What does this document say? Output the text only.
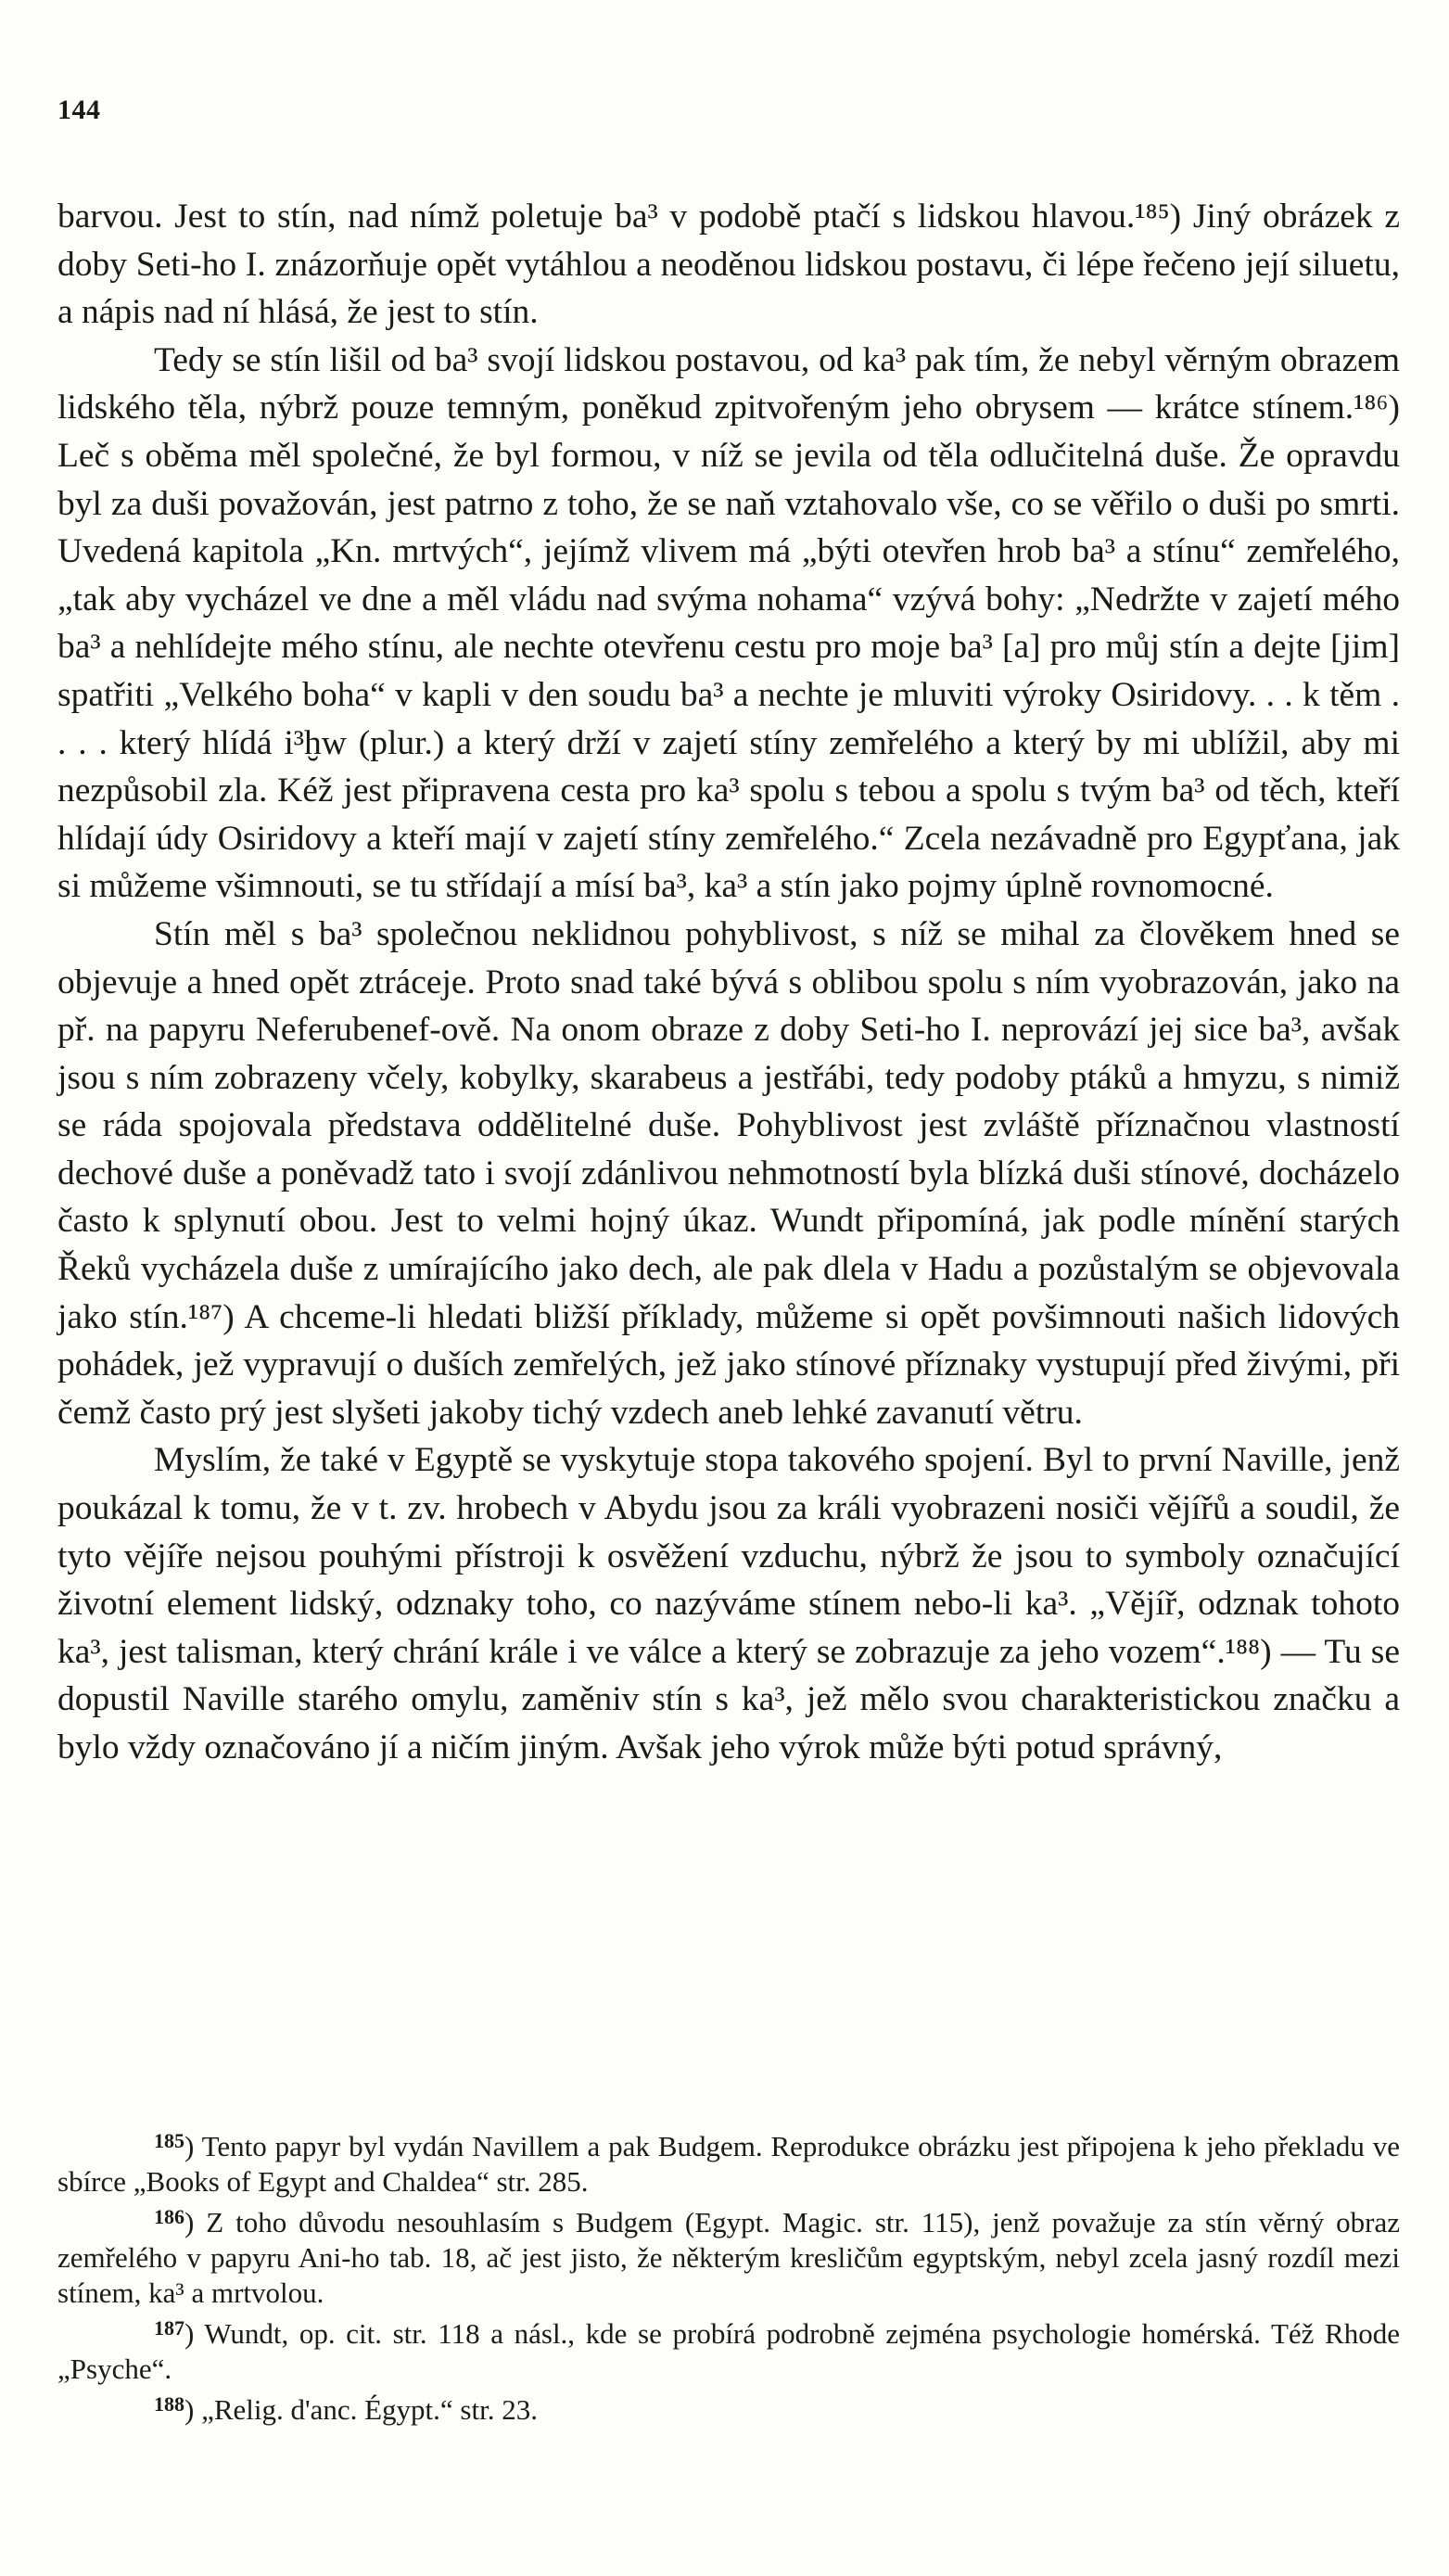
144

barvou. Jest to stín, nad nímž poletuje ba³ v podobě ptačí s lidskou hlavou.¹⁸⁵) Jiný obrázek z doby Seti-ho I. znázorňuje opět vytáhlou a neoděnou lidskou postavu, či lépe řečeno její siluetu, a nápis nad ní hlásá, že jest to stín.

Tedy se stín lišil od ba³ svojí lidskou postavou, od ka³ pak tím, že nebyl věrným obrazem lidského těla, nýbrž pouze temným, poněkud zpitvořeným jeho obrysem — krátce stínem.¹⁸⁶) Leč s oběma měl společné, že byl formou, v níž se jevila od těla odlučitelná duše. Že opravdu byl za duši považován, jest patrno z toho, že se naň vztahovalo vše, co se věřilo o duši po smrti. Uvedená kapitola „Kn. mrtvých“, jejímž vlivem má „býti otevřen hrob ba³ a stínu“ zemřelého, „tak aby vycházel ve dne a měl vládu nad svýma nohama“ vzývá bohy: „Nedržte v zajetí mého ba³ a nehlídejte mého stínu, ale nechte otevřenu cestu pro moje ba³ [a] pro můj stín a dejte [jim] spatřiti „Velkého boha“ v kapli v den soudu ba³ a nechte je mluviti výroky Osiridovy. . . k těm . . . . který hlídá i³ḫw (plur.) a který drží v zajetí stíny zemřelého a který by mi ublížil, aby mi nezpůsobil zla. Kéž jest připravena cesta pro ka³ spolu s tebou a spolu s tvým ba³ od těch, kteří hlídají údy Osiridovy a kteří mají v zajetí stíny zemřelého.“ Zcela nezávadně pro Egypťana, jak si můžeme všimnouti, se tu střídají a mísí ba³, ka³ a stín jako pojmy úplně rovnomocné.

Stín měl s ba³ společnou neklidnou pohyblivost, s níž se mihal za člověkem hned se objevuje a hned opět ztráceje. Proto snad také bývá s oblibou spolu s ním vyobrazován, jako na př. na papyru Neferubenef-ově. Na onom obraze z doby Seti-ho I. neprovází jej sice ba³, avšak jsou s ním zobrazeny včely, kobylky, skarabeus a jestřábi, tedy podoby ptáků a hmyzu, s nimiž se ráda spojovala představa oddělitelné duše. Pohyblivost jest zvláště příznačnou vlastností dechové duše a poněvadž tato i svojí zdánlivou nehmotností byla blízká duši stínové, docházelo často k splynutí obou. Jest to velmi hojný úkaz. Wundt připomíná, jak podle mínění starých Řeků vycházela duše z umírajícího jako dech, ale pak dlela v Hadu a pozůstalým se objevovala jako stín.¹⁸⁷) A chceme-li hledati bližší příklady, můžeme si opět povšimnouti našich lidových pohádek, jež vypravují o duších zemřelých, jež jako stínové příznaky vystupují před živými, při čemž často prý jest slyšeti jakoby tichý vzdech aneb lehké zavanutí větru.

Myslím, že také v Egyptě se vyskytuje stopa takového spojení. Byl to první Naville, jenž poukázal k tomu, že v t. zv. hrobech v Abydu jsou za králi vyobrazeni nosiči vějířů a soudil, že tyto vějíře nejsou pouhými přístroji k osvěžení vzduchu, nýbrž že jsou to symboly označující životní element lidský, odznaky toho, co nazýváme stínem nebo-li ka³. „Vějíř, odznak tohoto ka³, jest talisman, který chrání krále i ve válce a který se zobrazuje za jeho vozem“.¹⁸⁸) — Tu se dopustil Naville starého omylu, zaměniv stín s ka³, jež mělo svou charakteristickou značku a bylo vždy označováno jí a ničím jiným. Avšak jeho výrok může býti potud správný,

$^{185}$) Tento papyr byl vydán Navillem a pak Budgem. Reprodukce obrázku jest připojena k jeho překladu ve sbírce „Books of Egypt and Chaldea“ str. 285.

$^{186}$) Z toho důvodu nesouhlasím s Budgem (Egypt. Magic. str. 115), jenž považuje za stín věrný obraz zemřelého v papyru Ani-ho tab. 18, ač jest jisto, že některým kresličům egyptským, nebyl zcela jasný rozdíl mezi stínem, ka³ a mrtvolou.

$^{187}$) Wundt, op. cit. str. 118 a násl., kde se probírá podrobně zejména psychologie homérská. Též Rhode „Psyche“.

$^{188}$) „Relig. d'anc. Égypt.“ str. 23.
